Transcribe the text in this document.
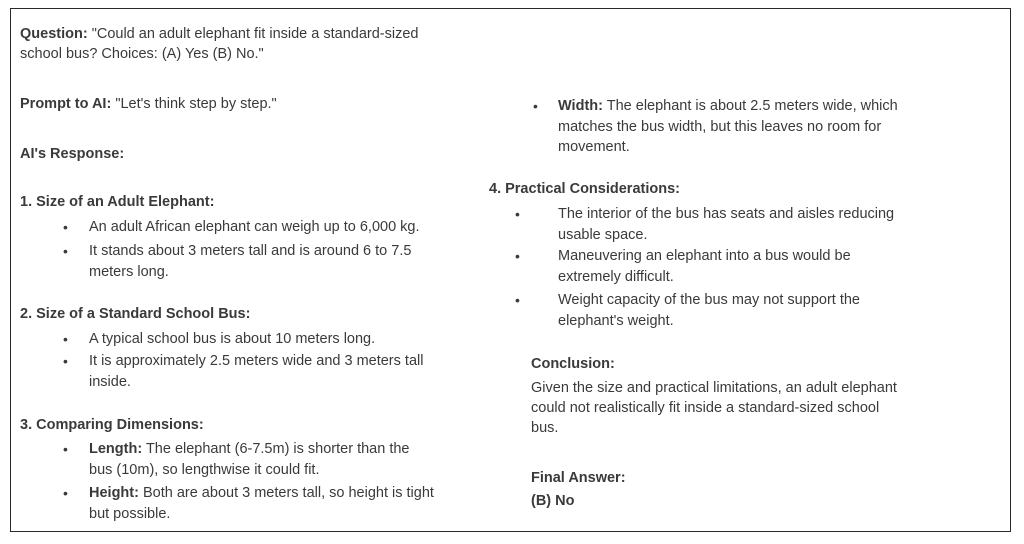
Question: "Could an adult elephant fit inside a standard-sized
school bus? Choices: (A) Yes (B) No."
Prompt to AI: "Let's think step by step."
AI's Response:
1. Size of an Adult Elephant:
• An adult African elephant can weigh up to 6,000 kg.
• It stands about 3 meters tall and is around 6 to 7.5
meters long.
2. Size of a Standard School Bus:
• A typical school bus is about 10 meters long.
• It is approximately 2.5 meters wide and 3 meters tall
inside.
3. Comparing Dimensions:
• Length: The elephant (6-7.5m) is shorter than the
bus (10m), so lengthwise it could fit.
• Height: Both are about 3 meters tall, so height is tight
but possible.
• Width: The elephant is about 2.5 meters wide, which
matches the bus width, but this leaves no room for
movement.
4. Practical Considerations:
•	The interior of the bus has seats and aisles reducing
usable space.
•	Maneuvering an elephant into a bus would be
extremely difficult.
•	Weight capacity of the bus may not support the
elephant's weight.
Conclusion:
Given the size and practical limitations, an adult elephant
could not realistically fit inside a standard-sized school
bus.
Final Answer:
(B) No
